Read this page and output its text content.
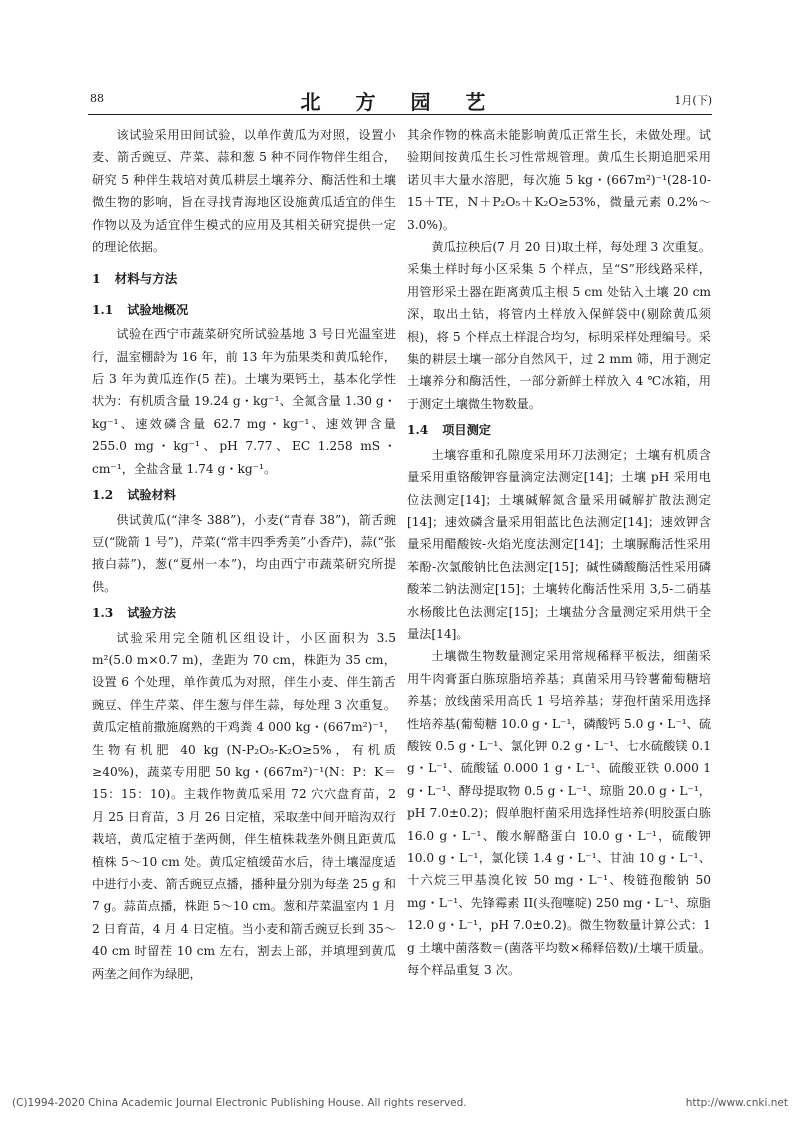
88	北 方 园 艺	1月(下)

该试验采用田间试验，以单作黄瓜为对照，设置小麦、箭舌豌豆、芹菜、蒜和葱 5 种不同作物伴生组合，研究 5 种伴生栽培对黄瓜耕层土壤养分、酶活性和土壤微生物的影响，旨在寻找青海地区设施黄瓜适宜的伴生作物以及为适宜伴生模式的应用及其相关研究提供一定的理论依据。

1 材料与方法
1.1 试验地概况

试验在西宁市蔬菜研究所试验基地 3 号日光温室进行，温室棚龄为 16 年，前 13 年为茄果类和黄瓜轮作，后 3 年为黄瓜连作(5 茬)。土壤为栗钙土，基本化学性状为：有机质含量 19.24 g・kg⁻¹、全氮含量 1.30 g・kg⁻¹、速效磷含量 62.7 mg・kg⁻¹、速效钾含量 255.0 mg・kg⁻¹、pH 7.77、EC 1.258 mS・cm⁻¹，全盐含量 1.74 g・kg⁻¹。

1.2 试验材料

供试黄瓜(“津冬 388”)，小麦(“青春 38”)，箭舌豌豆(“陇箭 1 号”)，芹菜(“常丰四季秀美”小香芹)，蒜(“张掖白蒜”)，葱(“夏州一本”)，均由西宁市蔬菜研究所提供。

1.3 试验方法

试验采用完全随机区组设计，小区面积为 3.5 m²(5.0 m×0.7 m)，垄距为 70 cm，株距为 35 cm，设置 6 个处理，单作黄瓜为对照，伴生小麦、伴生箭舌豌豆、伴生芹菜、伴生葱与伴生蒜，每处理 3 次重复。黄瓜定植前撒施腐熟的干鸡粪 4 000 kg・(667m²)⁻¹，生物有机肥 40 kg (N-P₂O₅-K₂O≥5%，有机质≥40%)，蔬菜专用肥 50 kg・(667m²)⁻¹(N：P：K＝15：15：10)。主栽作物黄瓜采用 72 穴穴盘育苗，2 月 25 日育苗，3 月 26 日定植，采取垄中间开暗沟双行栽培，黄瓜定植于垄两侧，伴生植株栽垄外侧且距黄瓜植株 5～10 cm 处。黄瓜定植缓苗水后，待土壤湿度适中进行小麦、箭舌豌豆点播，播种量分别为每垄 25 g 和 7 g。蒜苗点播，株距 5～10 cm。葱和芹菜温室内 1 月 2 日育苗，4 月 4 日定植。当小麦和箭舌豌豆长到 35～40 cm 时留茬 10 cm 左右，割去上部，并填埋到黄瓜两垄之间作为绿肥，

其余作物的株高未能影响黄瓜正常生长，未做处理。试验期间按黄瓜生长习性常规管理。黄瓜生长期追肥采用诺贝丰大量水溶肥，每次施 5 kg・(667m²)⁻¹(28-10-15＋TE，N＋P₂O₅＋K₂O≥53%，微量元素 0.2%～3.0%)。

黄瓜拉秧后(7 月 20 日)取土样，每处理 3 次重复。采集土样时每小区采集 5 个样点，呈“S”形线路采样，用管形采土器在距离黄瓜主根 5 cm 处钻入土壤 20 cm 深，取出土钻，将管内土样放入保鲜袋中(剔除黄瓜须根)，将 5 个样点土样混合均匀，标明采样处理编号。采集的耕层土壤一部分自然风干，过 2 mm 筛，用于测定土壤养分和酶活性，一部分新鲜土样放入 4 ℃冰箱，用于测定土壤微生物数量。

1.4 项目测定

土壤容重和孔隙度采用环刀法测定；土壤有机质含量采用重铬酸钾容量滴定法测定[14]；土壤 pH 采用电位法测定[14]；土壤碱解氮含量采用碱解扩散法测定[14]；速效磷含量采用钼蓝比色法测定[14]；速效钾含量采用醋酸铵-火焰光度法测定[14]；土壤脲酶活性采用苯酚-次氯酸钠比色法测定[15]；碱性磷酸酶活性采用磷酸苯二钠法测定[15]；土壤转化酶活性采用 3,5-二硝基水杨酸比色法测定[15]；土壤盐分含量测定采用烘干全量法[14]。

土壤微生物数量测定采用常规稀释平板法，细菌采用牛肉膏蛋白胨琼脂培养基；真菌采用马铃薯葡萄糖培养基；放线菌采用高氏 1 号培养基；芽孢杆菌采用选择性培养基(葡萄糖 10.0 g・L⁻¹，磷酸钙 5.0 g・L⁻¹、硫酸铵 0.5 g・L⁻¹、氯化钾 0.2 g・L⁻¹、七水硫酸镁 0.1 g・L⁻¹、硫酸锰 0.000 1 g・L⁻¹、硫酸亚铁 0.000 1 g・L⁻¹、酵母提取物 0.5 g・L⁻¹、琼脂 20.0 g・L⁻¹，pH 7.0±0.2)；假单胞杆菌采用选择性培养(明胶蛋白胨 16.0 g・L⁻¹、酸水解酪蛋白 10.0 g・L⁻¹，硫酸钾 10.0 g・L⁻¹，氯化镁 1.4 g・L⁻¹、甘油 10 g・L⁻¹、十六烷三甲基溴化铵 50 mg・L⁻¹、梭链孢酸钠 50 mg・L⁻¹、先锋霉素 II(头孢噻啶) 250 mg・L⁻¹、琼脂 12.0 g・L⁻¹，pH 7.0±0.2)。微生物数量计算公式：1 g 土壤中菌落数＝(菌落平均数×稀释倍数)/土壤干质量。每个样品重复 3 次。

(C)1994-2020 China Academic Journal Electronic Publishing House. All rights reserved.	http://www.cnki.net
